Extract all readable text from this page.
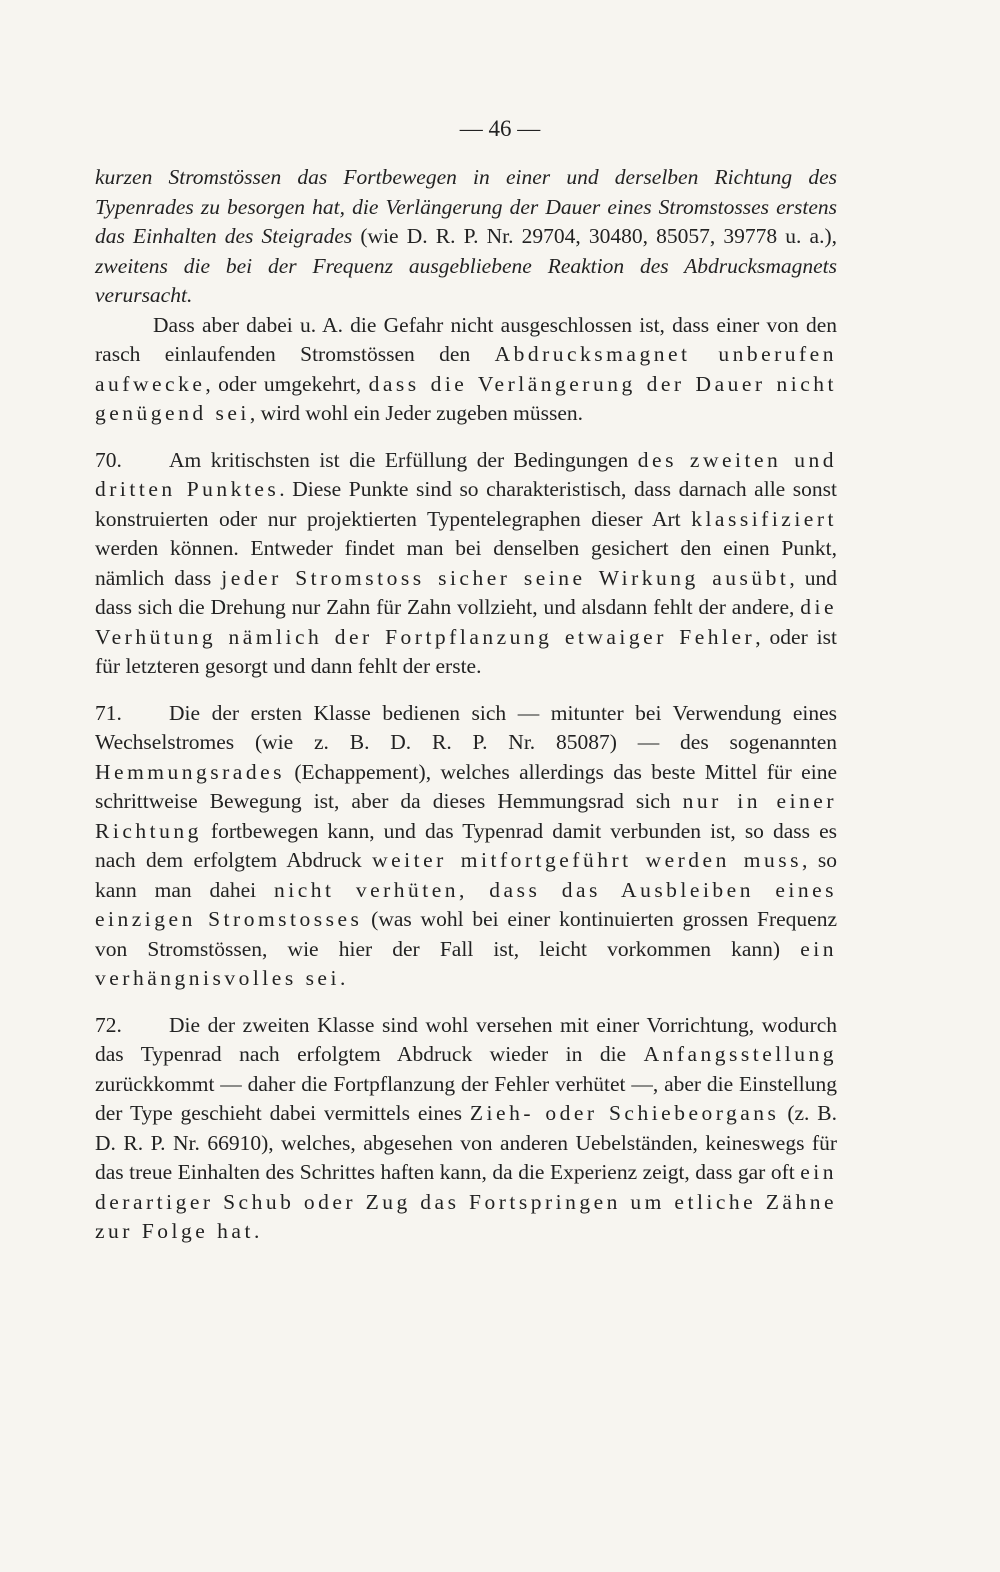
— 46 —

kurzen Stromstössen das Fortbewegen in einer und derselben Richtung des Typenrades zu besorgen hat, die Verlängerung der Dauer eines Stromstosses erstens das Einhalten des Steigrades (wie D. R. P. Nr. 29704, 30480, 85057, 39778 u. a.), zweitens die bei der Frequenz ausgebliebene Reaktion des Abdrucksmagnets verursacht.

Dass aber dabei u. A. die Gefahr nicht ausgeschlossen ist, dass einer von den rasch einlaufenden Stromstössen den Abdrucksmagnet unberufen aufwecke, oder umgekehrt, dass die Verlängerung der Dauer nicht genügend sei, wird wohl ein Jeder zugeben müssen.

70. Am kritischsten ist die Erfüllung der Bedingungen des zweiten und dritten Punktes. Diese Punkte sind so charakteristisch, dass darnach alle sonst konstruierten oder nur projektierten Typentelegraphen dieser Art klassifiziert werden können. Entweder findet man bei denselben gesichert den einen Punkt, nämlich dass jeder Stromstoss sicher seine Wirkung ausübt, und dass sich die Drehung nur Zahn für Zahn vollzieht, und alsdann fehlt der andere, die Verhütung nämlich der Fortpflanzung etwaiger Fehler, oder ist für letzteren gesorgt und dann fehlt der erste.

71. Die der ersten Klasse bedienen sich — mitunter bei Verwendung eines Wechselstromes (wie z. B. D. R. P. Nr. 85087) — des sogenannten Hemmungsrades (Echappement), welches allerdings das beste Mittel für eine schrittweise Bewegung ist, aber da dieses Hemmungsrad sich nur in einer Richtung fortbewegen kann, und das Typenrad damit verbunden ist, so dass es nach dem erfolgtem Abdruck weiter mitfortgeführt werden muss, so kann man dahei nicht verhüten, dass das Ausbleiben eines einzigen Stromstosses (was wohl bei einer kontinuierten grossen Frequenz von Stromstössen, wie hier der Fall ist, leicht vorkommen kann) ein verhängnisvolles sei.

72. Die der zweiten Klasse sind wohl versehen mit einer Vorrichtung, wodurch das Typenrad nach erfolgtem Abdruck wieder in die Anfangsstellung zurückkommt — daher die Fortpflanzung der Fehler verhütet —, aber die Einstellung der Type geschieht dabei vermittels eines Zieh- oder Schiebeorgans (z. B. D. R. P. Nr. 66910), welches, abgesehen von anderen Uebelständen, keineswegs für das treue Einhalten des Schrittes haften kann, da die Experienz zeigt, dass gar oft ein derartiger Schub oder Zug das Fortspringen um etliche Zähne zur Folge hat.
